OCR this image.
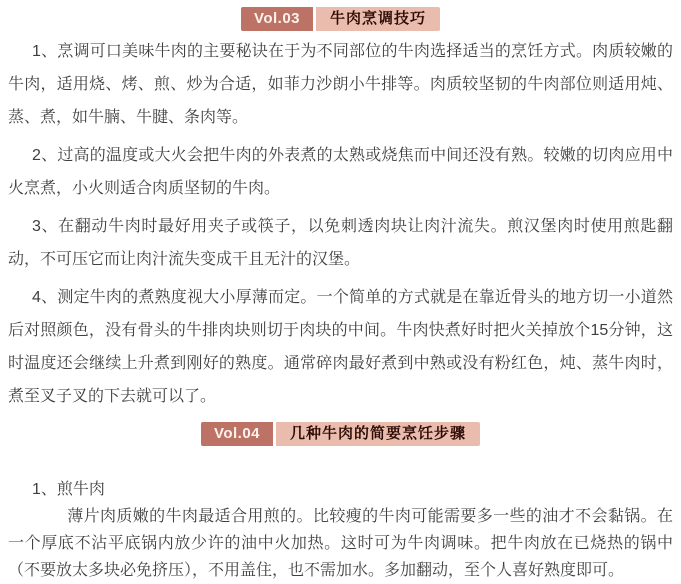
Vol.03	牛肉烹调技巧

1、烹调可口美味牛肉的主要秘诀在于为不同部位的牛肉选择适当的烹饪方式。肉质较嫩的牛肉，适用烧、烤、煎、炒为合适，如菲力沙朗小牛排等。肉质较坚韧的牛肉部位则适用炖、蒸、煮，如牛腩、牛腱、条肉等。

2、过高的温度或大火会把牛肉的外表煮的太熟或烧焦而中间还没有熟。较嫩的切肉应用中火烹煮，小火则适合肉质坚韧的牛肉。

3、在翻动牛肉时最好用夹子或筷子，以免刺透肉块让肉汁流失。煎汉堡肉时使用煎匙翻动，不可压它而让肉汁流失变成干且无汁的汉堡。

4、测定牛肉的煮熟度视大小厚薄而定。一个简单的方式就是在靠近骨头的地方切一小道然后对照颜色，没有骨头的牛排肉块则切于肉块的中间。牛肉快煮好时把火关掉放个15分钟，这时温度还会继续上升煮到刚好的熟度。通常碎肉最好煮到中熟或没有粉红色，炖、蒸牛肉时，煮至叉子叉的下去就可以了。

Vol.04	几种牛肉的简要烹饪步骤

1、煎牛肉

薄片肉质嫩的牛肉最适合用煎的。比较瘦的牛肉可能需要多一些的油才不会黏锅。在一个厚底不沾平底锅内放少许的油中火加热。这时可为牛肉调味。把牛肉放在已烧热的锅中（不要放太多块必免挤压），不用盖住，也不需加水。多加翻动，至个人喜好熟度即可。
